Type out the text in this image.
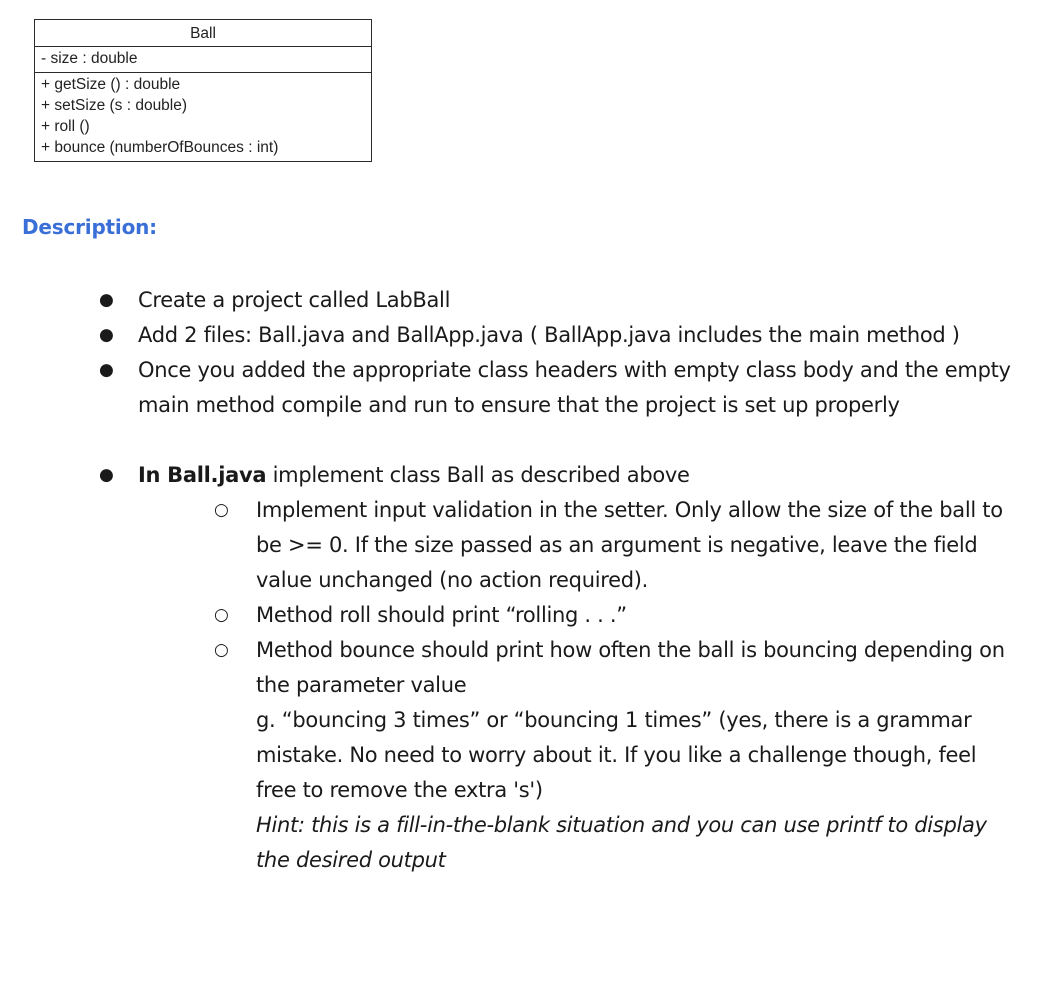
Ball
- size : double
+ getSize () : double
+ setSize (s : double)
+ roll ()
+ bounce (numberOfBounces : int)
Description:
● Create a project called LabBall
● Add 2 files: Ball.java and BallApp.java ( BallApp.java includes the main method )
● Once you added the appropriate class headers with empty class body and the empty main method compile and run to ensure that the project is set up properly
● In Ball.java implement class Ball as described above
○ Implement input validation in the setter. Only allow the size of the ball to be >= 0. If the size passed as an argument is negative, leave the field value unchanged (no action required).
○ Method roll should print “rolling . . .”
○ Method bounce should print how often the ball is bouncing depending on the parameter value
g. “bouncing 3 times” or “bouncing 1 times” (yes, there is a grammar mistake. No need to worry about it. If you like a challenge though, feel free to remove the extra 's')
Hint: this is a fill-in-the-blank situation and you can use printf to display the desired output
